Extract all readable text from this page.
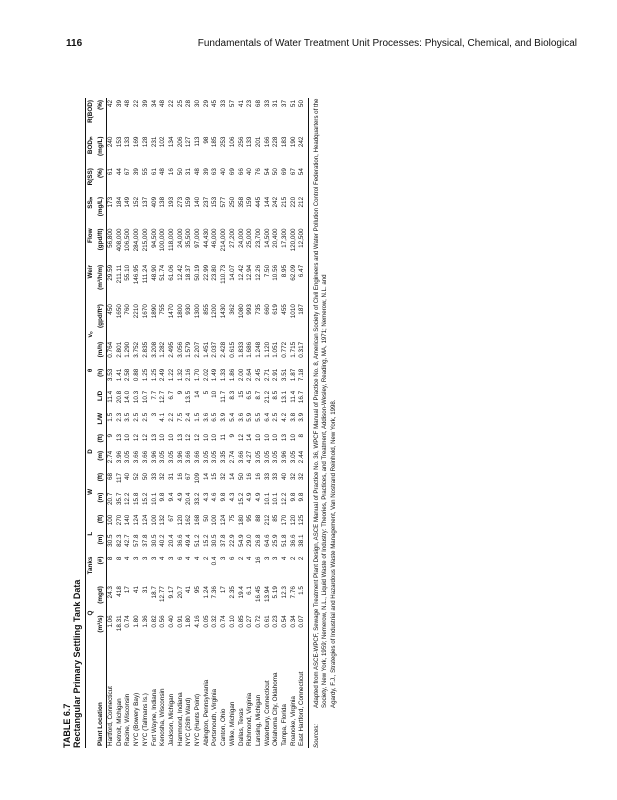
116	Fundamentals of Water Treatment Unit Processes: Physical, Chemical, and Biological
TABLE 6.7 Rectangular Primary Settling Tank Data
	Q		Tanks	L		W		D				θ	vₒ		Weir	Flow	SSᵢₙ	R(SS)	BODᵢₙ	R(BOD)
Plant Location	(m³/s)	(mgd)	(#)	(m)	(ft)	(m)	(ft)	(m)	(ft)	L/W	L/D	(h)	(m/h)	(gpd/ft²)	(m³/h/m)	(gpd/ft)	(mg/L)	(%)	(mg/L)	(%)
Hartford, Connecticut	1.06	24.3	8	30.5	100	20.7	68	2.74	9	1.5	11.4	3.53	0.764	450	29.59	56,800	173	61	240	42
Detroit, Michigan	18.31	418	8	82.3	270	35.7	117	3.96	13	2.3	20.8	1.41	2.801	1650	211.11	408,000	184	44	153	39
Racine, Wisconsin	0.74	17	4	42.7	140	12.2	40	3.05	10	3.5	14.0	2.58	1.290	760	55.10	106,500	149	67	133	48
NYC (Bowery Bay)	1.80	41	3	57.8	124	15.8	52	3.66	12	2.5	10.3	0.88	3.752	2210	146.95	284,000	152	39	169	22
NYC (Tallmans Is.)	1.36	31	3	37.8	124	15.2	50	3.66	12	2.5	10.7	1.25	2.835	1670	111.24	215,000	137	55	128	39
Fort Wayne, Indiana	0.82	18.7	3	30.5	100	10.1	33	3.96	13	3	7.7	1.25	3.208	1890	48.90	94,500	409	61	231	34
Kenosha, Wisconsin	0.56	12.77	4	40.2	132	9.8	32	3.05	10	4.1	12.7	2.49	1.282	755	51.74	100,000	138	48	102	48
Jackson, Michigan	0.40	9.17	3	20.4	67	9.4	31	3.05	10	2.2	6.7	1.22	2.495	1470	61.06	118,000	193	16	134	22
Hammond, Indiana	0.91	20.7	6	36.6	120	4.9	16	3.96	13	7.5	9	1.32	3.056	1800	12.42	24,000	273	50	206	25
NYC (26th Ward)	1.80	41	4	49.4	162	20.4	67	3.66	12	2.4	13.5	2.16	1.579	930	18.37	35,500	159	31	127	28
NYC (Hunts Point)	4.16	95	4	51.2	168	33.2	109	3.66	12	1.5	14	1.70	2.207	1300	50.19	97,000	140	48	113	30
Abington, Pennsylvania	0.05	1.24	2	15.2	50	4.3	14	3.05	10	3.6	5	2.02	1.451	855	22.99	44,430	237	39	98	29
Portsmouth, Virginia	0.32	7.36	0.4	30.5	100	4.6	15	3.05	10	6.5	10	1.49	2.037	1200	23.80	46,000	153	63	185	45
Canton, Ohio	0.74	17	3	37.8	124	9.8	32	3.35	11	3.9	11.7	1.33	2.428	1430	110.73	214,000	577	40	253	33
Wilke, Michigan	0.10	2.35	6	22.9	75	4.3	14	2.74	9	5.4	8.3	1.86	0.615	362	14.07	27,200	250	69	106	57
Dallas, Texas	0.85	19.4	2	54.9	180	15.2	50	3.66	12	3.6	15	2.00	1.833	1080	12.42	24,000	358	66	256	41
Richmond, Virginia	0.27	6.1	4	29.0	95	4.9	16	4.27	14	5.9	6.5	2.64	1.686	993	12.94	25,000	159	40	133	23
Lansing, Michigan	0.72	16.45	16	26.8	88	4.9	16	3.05	10	5.5	8.7	2.45	1.248	735	12.26	23,700	445	76	201	68
Waterbury, Connecticut	0.61	13.94	3	64.6	212	10.1	33	3.05	10	6.4	21.2	2.71	1.120	660	7.50	14,500	144	54	166	33
Oklahoma City, Oklahoma	0.23	5.19	3	25.9	85	10.1	33	3.05	10	2.5	8.5	2.91	1.051	619	10.56	20,400	242	50	228	31
Tampa, Florida	0.54	12.3	4	51.8	170	12.2	40	3.96	13	4.2	13.1	3.51	0.772	455	8.95	17,300	215	69	183	37
Roanoke, Virginia	0.34	7.76	2	36.6	120	9.8	32	3.05	10	3.8	11.4	1.87	1.715	1010	62.09	120,000	220	67	190	51
East Hartford, Connecticut	0.07	1.5	2	38.1	125	9.8	32	2.44	8	3.9	16.7	7.18	0.317	187	6.47	12,500	212	54	242	50
Sources:

Adapted from ASCE-WPCF, Sewage Treatment Plant Design, ASCE Manual of Practice No. 36, WPCF Manual of Practice No. 8, American Society of Civil Engineers and Water Pollution Control Federation, Headquarters of the Society, New York, 1959; Nemerow, N.L., Liquid Waste of Industry: Theories, Practices, and Treatment, Addison-Wesley, Reading, MA, 1971; Nemerow, N.L. and Agardy, F.J., Strategies of Industrial and Hazardous Waste Management, Van Nostrand Reinhold, New York, 1998.
